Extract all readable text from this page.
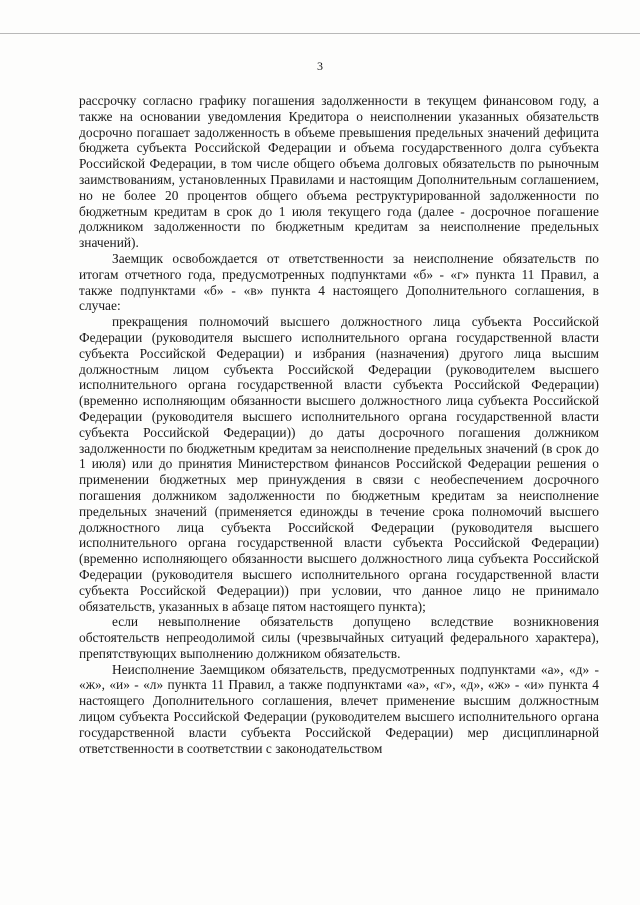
3

рассрочку согласно графику погашения задолженности в текущем финансовом году, а также на основании уведомления Кредитора о неисполнении указанных обязательств досрочно погашает задолженность в объеме превышения предельных значений дефицита бюджета субъекта Российской Федерации и объема государственного долга субъекта Российской Федерации, в том числе общего объема долговых обязательств по рыночным заимствованиям, установленных Правилами и настоящим Дополнительным соглашением, но не более 20 процентов общего объема реструктурированной задолженности по бюджетным кредитам в срок до 1 июля текущего года (далее - досрочное погашение должником задолженности по бюджетным кредитам за неисполнение предельных значений).

Заемщик освобождается от ответственности за неисполнение обязательств по итогам отчетного года, предусмотренных подпунктами «б» - «г» пункта 11 Правил, а также подпунктами «б» - «в» пункта 4 настоящего Дополнительного соглашения, в случае:

прекращения полномочий высшего должностного лица субъекта Российской Федерации (руководителя высшего исполнительного органа государственной власти субъекта Российской Федерации) и избрания (назначения) другого лица высшим должностным лицом субъекта Российской Федерации (руководителем высшего исполнительного органа государственной власти субъекта Российской Федерации) (временно исполняющим обязанности высшего должностного лица субъекта Российской Федерации (руководителя высшего исполнительного органа государственной власти субъекта Российской Федерации)) до даты досрочного погашения должником задолженности по бюджетным кредитам за неисполнение предельных значений (в срок до 1 июля) или до принятия Министерством финансов Российской Федерации решения о применении бюджетных мер принуждения в связи с необеспечением досрочного погашения должником задолженности по бюджетным кредитам за неисполнение предельных значений (применяется единожды в течение срока полномочий высшего должностного лица субъекта Российской Федерации (руководителя высшего исполнительного органа государственной власти субъекта Российской Федерации) (временно исполняющего обязанности высшего должностного лица субъекта Российской Федерации (руководителя высшего исполнительного органа государственной власти субъекта Российской Федерации)) при условии, что данное лицо не принимало обязательств, указанных в абзаце пятом настоящего пункта);

если невыполнение обязательств допущено вследствие возникновения обстоятельств непреодолимой силы (чрезвычайных ситуаций федерального характера), препятствующих выполнению должником обязательств.

Неисполнение Заемщиком обязательств, предусмотренных подпунктами «а», «д» - «ж», «и» - «л» пункта 11 Правил, а также подпунктами «а», «г», «д», «ж» - «и» пункта 4 настоящего Дополнительного соглашения, влечет применение высшим должностным лицом субъекта Российской Федерации (руководителем высшего исполнительного органа государственной власти субъекта Российской Федерации) мер дисциплинарной ответственности в соответствии с законодательством
